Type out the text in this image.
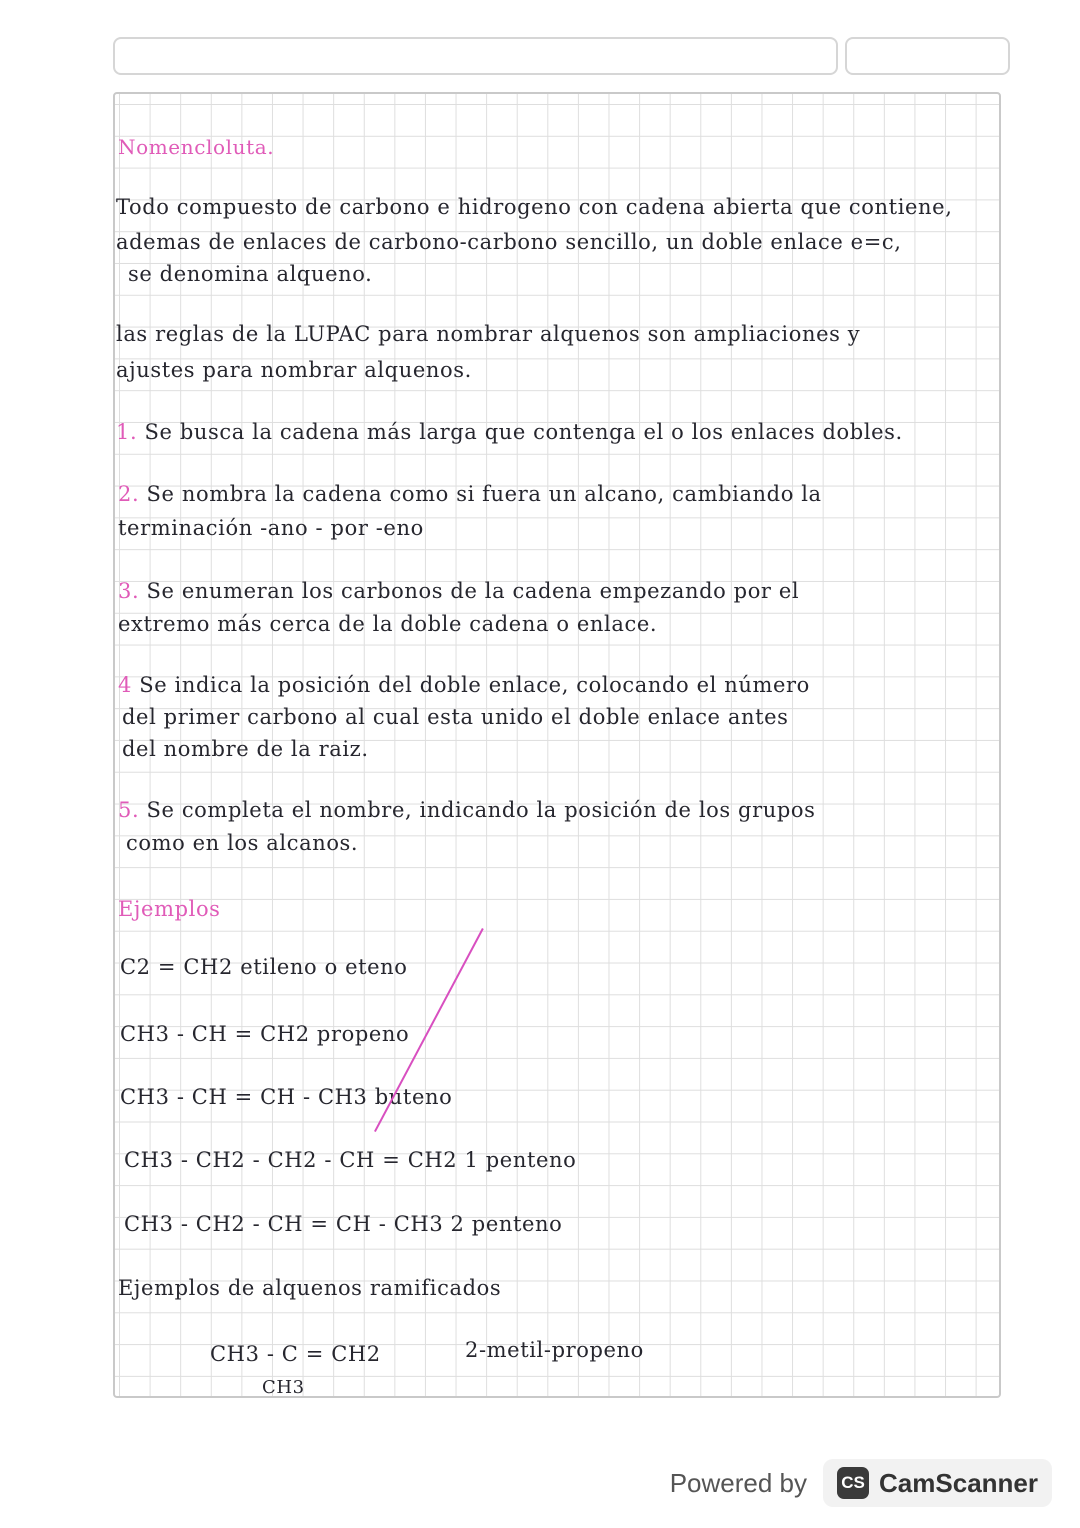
Nomencloluta.
Todo compuesto de carbono e hidrogeno con cadena abierta que contiene,
ademas de enlaces de carbono-carbono sencillo, un doble enlace e=c,
se denomina alqueno.
las reglas de la LUPAC para nombrar alquenos son ampliaciones y
ajustes para nombrar alquenos.
1. Se busca la cadena más larga que contenga el o los enlaces dobles.
2. Se nombra la cadena como si fuera un alcano, cambiando la
terminación -ano - por -eno
3. Se enumeran los carbonos de la cadena empezando por el
extremo más cerca de la doble cadena o enlace.
4 Se indica la posición del doble enlace, colocando el número
del primer carbono al cual esta unido el doble enlace antes
del nombre de la raiz.
5. Se completa el nombre, indicando la posición de los grupos
como en los alcanos.
Ejemplos
C2 = CH2 etileno o eteno
CH3 - CH = CH2 propeno
CH3 - CH = CH - CH3 buteno
CH3 - CH2 - CH2 - CH = CH2 1 penteno
CH3 - CH2 - CH = CH - CH3 2 penteno
Ejemplos de alquenos ramificados
CH3 - C = CH2
CH3
2-metil-propeno
Powered by CS CamScanner
